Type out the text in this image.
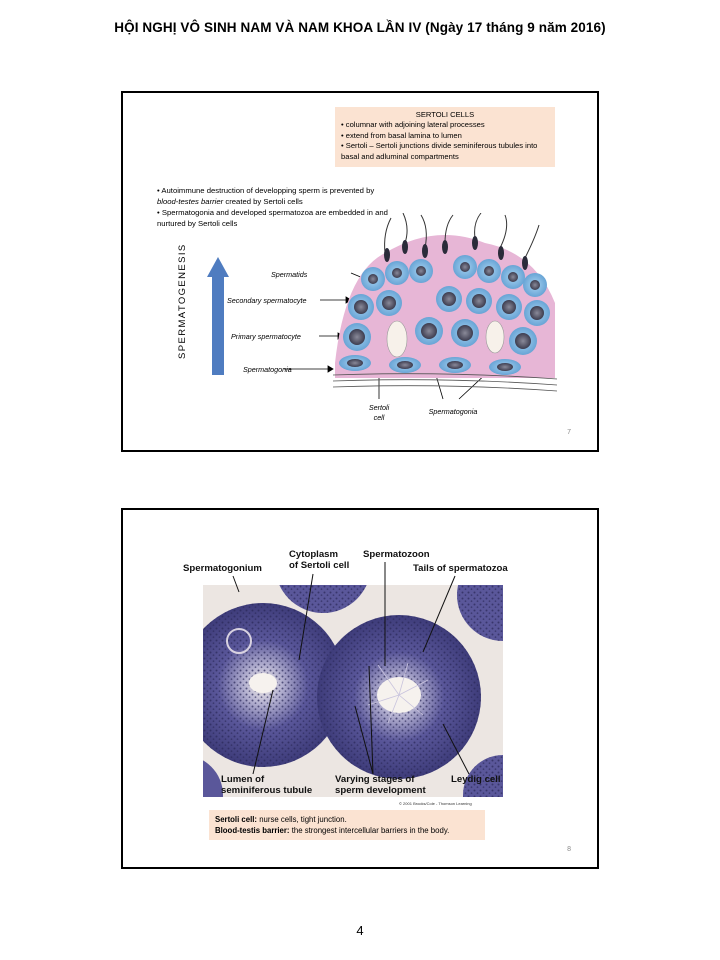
HỘI NGHỊ VÔ SINH NAM VÀ NAM KHOA LẦN IV (Ngày 17 tháng 9 năm 2016)
SERTOLI CELLS
• columnar with adjoining lateral processes
• extend from basal lamina to lumen
• Sertoli – Sertoli junctions divide seminiferous tubules into basal and adluminal compartments
• Autoimmune destruction of developping sperm is prevented by blood-testes barrier created by Sertoli cells
• Spermatogonia and developed spermatozoa are embedded in and nurtured by Sertoli cells
SPERMATOGENESIS	Spermatids
Secondary spermatocyte
Primary spermatocyte
Spermatogonia
Sertoli
cell
Spermatogonia
7
Spermatogonium
Cytoplasm
of Sertoli cell
Spermatozoon
Tails of spermatozoa
Lumen of
seminiferous tubule
Varying stages of
sperm development
Leydig cell
© 2001 Brooks/Cole - Thomson Learning
Sertoli cell: nurse cells, tight junction.
Blood-testis barrier: the strongest intercellular barriers in the body.
8
4
